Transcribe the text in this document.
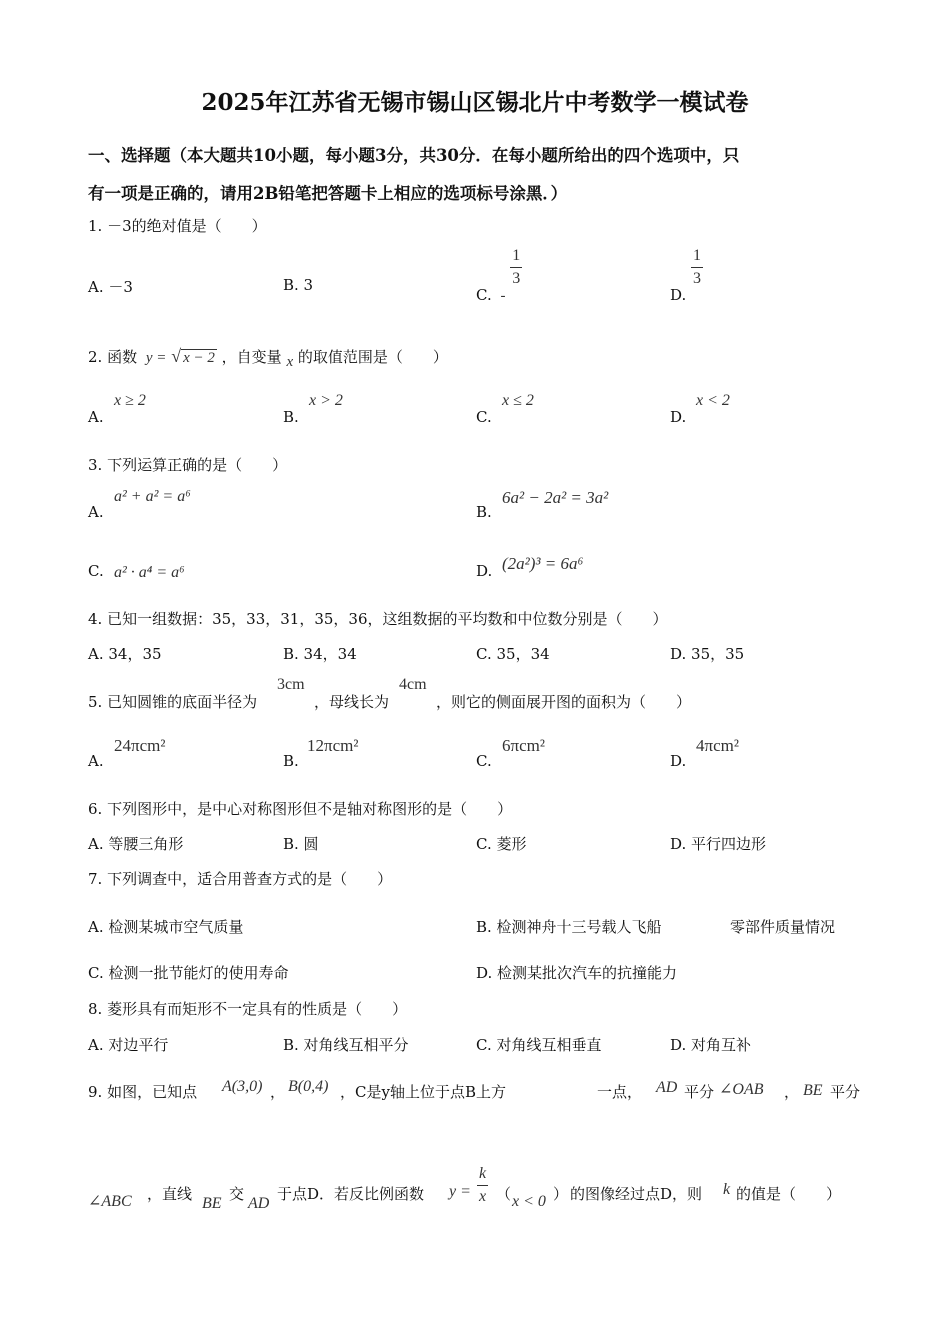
2025年江苏省无锡市锡山区锡北片中考数学一模试卷
一、选择题（本大题共10小题，每小题3分，共30分．在每小题所给出的四个选项中，只
有一项是正确的，请用2B铅笔把答题卡上相应的选项标号涂黑．）
1. －3的绝对值是（　　）
A. －3	B. 3
C. -
$\frac{1}{3}$
D.
$\frac{1}{3}$
2. 函数 y = √ x − 2 ，自变量 x 的取值范围是（　　）
A.
x ≥ 2
B.
x > 2
C.
x ≤ 2
D.
x < 2
3. 下列运算正确的是（　　）
A.
a² + a² = a⁶
B.
6a² − 2a² = 3a²
C. a² · a⁴ = a⁶	D. (2a²)³ = 6a⁶
4. 已知一组数据：35，33，31，35，36，这组数据的平均数和中位数分别是（　　）
A. 34，35	B. 34，34	C. 35，34	D. 35，35
5. 已知圆锥的底面半径为
3cm
，母线长为
4cm
，则它的侧面展开图的面积为（　　）
A.
24πcm²
B.
12πcm²
C.
6πcm²
D.
4πcm²
6. 下列图形中，是中心对称图形但不是轴对称图形的是（　　）
A. 等腰三角形	B. 圆	C. 菱形	D. 平行四边形
7. 下列调查中，适合用普查方式的是（　　）
A. 检测某城市空气质量	B. 检测神舟十三号载人飞船	零部件质量情况
C. 检测一批节能灯的使用寿命	D. 检测某批次汽车的抗撞能力
8. 菱形具有而矩形不一定具有的性质是（　　）
A. 对边平行	B. 对角线互相平分	C. 对角线互相垂直	D. 对角互补
9. 如图，已知点 A(3,0) ， B(0,4) ，C是y轴上位于点B上方	一点， AD 平分 ∠OAB ， BE 平分
∠ABC ，直线
BE
交
AD
于点D．若反比例函数 $y = \frac{k}{x}$ （ x < 0 ） 的图像经过点D，则 k 的值是（　　）
